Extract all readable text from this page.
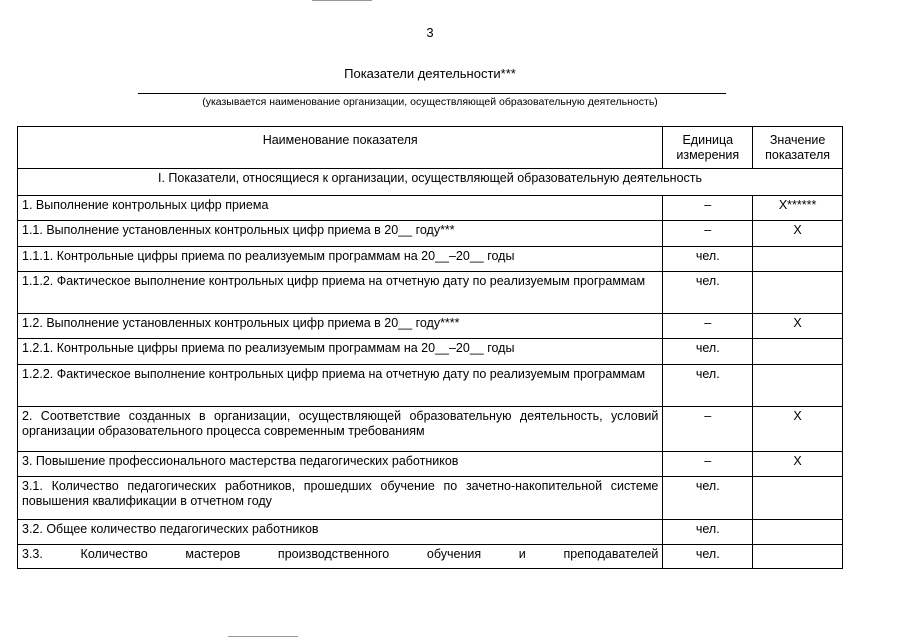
3
Показатели деятельности***
(указывается наименование организации, осуществляющей образовательную деятельность)
Наименование показателя	Единица измерения	Значение показателя
I. Показатели, относящиеся к организации, осуществляющей образовательную деятельность		
1. Выполнение контрольных цифр приема	–	X******
1.1. Выполнение установленных контрольных цифр приема в 20__ году***	–	X
1.1.1. Контрольные цифры приема по реализуемым программам на 20__–20__ годы	чел.	
1.1.2. Фактическое выполнение контрольных цифр приема на отчетную дату по реализуемым программам	чел.	
1.2. Выполнение установленных контрольных цифр приема в 20__ году****	–	X
1.2.1. Контрольные цифры приема по реализуемым программам на 20__–20__ годы	чел.	
1.2.2. Фактическое выполнение контрольных цифр приема на отчетную дату по реализуемым программам	чел.	
2. Соответствие созданных в организации, осуществляющей образовательную деятельность, условий организации образовательного процесса современным требованиям	–	X
3. Повышение профессионального мастерства педагогических работников	–	X
3.1. Количество педагогических работников, прошедших обучение по зачетно-накопительной системе повышения квалификации в отчетном году	чел.	
3.2. Общее количество педагогических работников	чел.	
3.3. Количество мастеров производственного обучения и преподавателей	чел.	
